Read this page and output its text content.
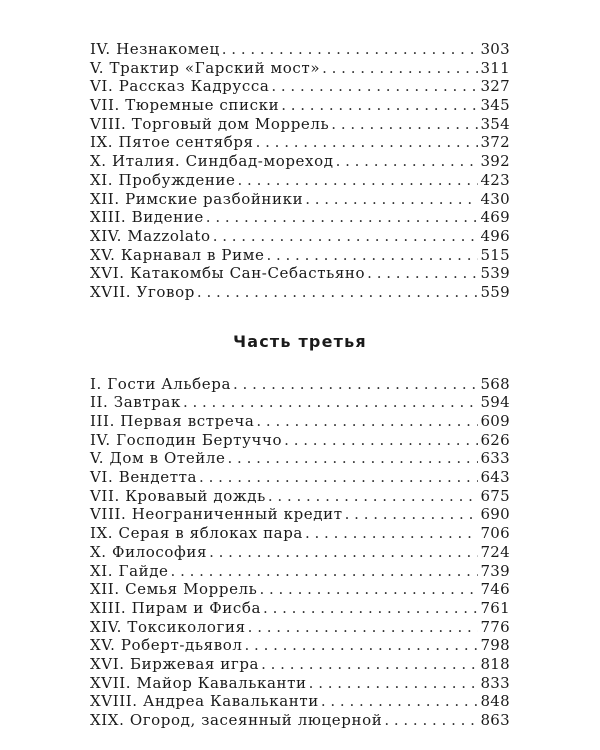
IV. Незнакомец . . .	303
V. Трактир «Гарский мост» . . .	311
VI. Рассказ Кадрусса . . .	327
VII. Тюремные списки . . .	345
VIII. Торговый дом Моррель . . .	354
IX. Пятое сентября . . .	372
X. Италия. Синдбад-мореход . . .	392
XI. Пробуждение . . .	423
XII. Римские разбойники . . .	430
XIII. Видение . . .	469
XIV. Mazzolato . . .	496
XV. Карнавал в Риме . . .	515
XVI. Катакомбы Сан-Себастьяно . . .	539
XVII. Уговор . . .	559
Часть третья
I. Гости Альбера . . .	568
II. Завтрак . . .	594
III. Первая встреча . . .	609
IV. Господин Бертуччо . . .	626
V. Дом в Отейле . . .	633
VI. Вендетта . . .	643
VII. Кровавый дождь . . .	675
VIII. Неограниченный кредит . . .	690
IX. Серая в яблоках пара . . .	706
X. Философия . . .	724
XI. Гайде . . .	739
XII. Семья Моррель . . .	746
XIII. Пирам и Фисба . . .	761
XIV. Токсикология . . .	776
XV. Роберт-дьявол . . .	798
XVI. Биржевая игра . . .	818
XVII. Майор Кавальканти . . .	833
XVIII. Андреа Кавальканти . . .	848
XIX. Огород, засеянный люцерной . . .	863
